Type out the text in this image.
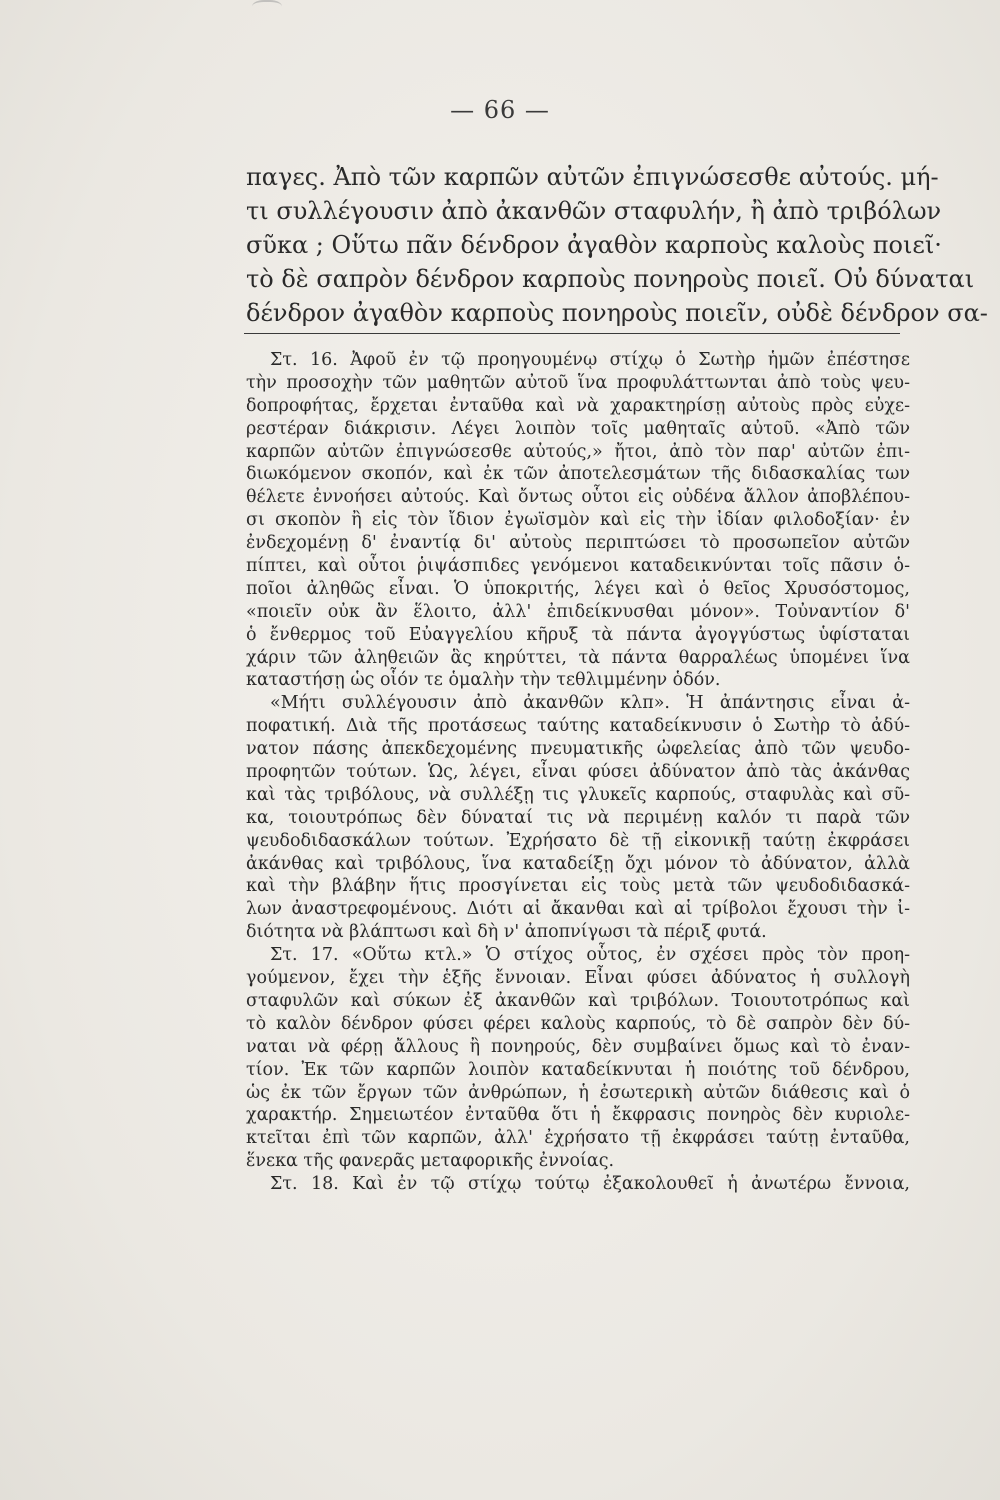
— 66 —
παγες. Ἀπὸ τῶν καρπῶν αὐτῶν ἐπιγνώσεσθε αὐτούς. μή-
τι συλλέγουσιν ἀπὸ ἀκανθῶν σταφυλήν, ἢ ἀπὸ τριβόλων
σῦκα ; Οὕτω πᾶν δένδρον ἀγαθὸν καρποὺς καλοὺς ποιεῖ·
τὸ δὲ σαπρὸν δένδρον καρποὺς πονηροὺς ποιεῖ. Οὐ δύναται
δένδρον ἀγαθὸν καρποὺς πονηροὺς ποιεῖν, οὐδὲ δένδρον σα-
Στ. 16. Ἀφοῦ ἐν τῷ προηγουμένῳ στίχῳ ὁ Σωτὴρ ἡμῶν ἐπέστησε
τὴν προσοχὴν τῶν μαθητῶν αὐτοῦ ἵνα προφυλάττωνται ἀπὸ τοὺς ψευ-
δοπροφήτας, ἔρχεται ἐνταῦθα καὶ νὰ χαρακτηρίσῃ αὐτοὺς πρὸς εὐχε-
ρεστέραν διάκρισιν. Λέγει λοιπὸν τοῖς μαθηταῖς αὐτοῦ. «Ἀπὸ τῶν
καρπῶν αὐτῶν ἐπιγνώσεσθε αὐτούς,» ἤτοι, ἀπὸ τὸν παρ' αὐτῶν ἐπι-
διωκόμενον σκοπόν, καὶ ἐκ τῶν ἀποτελεσμάτων τῆς διδασκαλίας των
θέλετε ἐννοήσει αὐτούς. Καὶ ὄντως οὗτοι εἰς οὐδένα ἄλλον ἀποβλέπου-
σι σκοπὸν ἢ εἰς τὸν ἴδιον ἐγωϊσμὸν καὶ εἰς τὴν ἰδίαν φιλοδοξίαν· ἐν
ἐνδεχομένῃ δ' ἐναντίᾳ δι' αὐτοὺς περιπτώσει τὸ προσωπεῖον αὐτῶν
πίπτει, καὶ οὗτοι ῥιψάσπιδες γενόμενοι καταδεικνύνται τοῖς πᾶσιν ὁ-
ποῖοι ἀληθῶς εἶναι. Ὁ ὑποκριτής, λέγει καὶ ὁ θεῖος Χρυσόστομος,
«ποιεῖν οὐκ ἂν ἕλοιτο, ἀλλ' ἐπιδείκνυσθαι μόνον». Τοὐναντίον δ'
ὁ ἔνθερμος τοῦ Εὐαγγελίου κῆρυξ τὰ πάντα ἀγογγύστως ὑφίσταται
χάριν τῶν ἀληθειῶν ἃς κηρύττει, τὰ πάντα θαρραλέως ὑπομένει ἵνα
καταστήσῃ ὡς οἷόν τε ὁμαλὴν τὴν τεθλιμμένην ὁδόν.
«Μήτι συλλέγουσιν ἀπὸ ἀκανθῶν κλπ». Ἡ ἀπάντησις εἶναι ἀ-
ποφατική. Διὰ τῆς προτάσεως ταύτης καταδείκνυσιν ὁ Σωτὴρ τὸ ἀδύ-
νατον πάσης ἀπεκδεχομένης πνευματικῆς ὠφελείας ἀπὸ τῶν ψευδο-
προφητῶν τούτων. Ὡς, λέγει, εἶναι φύσει ἀδύνατον ἀπὸ τὰς ἀκάνθας
καὶ τὰς τριβόλους, νὰ συλλέξῃ τις γλυκεῖς καρπούς, σταφυλὰς καὶ σῦ-
κα, τοιουτρόπως δὲν δύναταί τις νὰ περιμένῃ καλόν τι παρὰ τῶν
ψευδοδιδασκάλων τούτων. Ἐχρήσατο δὲ τῇ εἰκονικῇ ταύτῃ ἐκφράσει
ἀκάνθας καὶ τριβόλους, ἵνα καταδείξῃ ὄχι μόνον τὸ ἀδύνατον, ἀλλὰ
καὶ τὴν βλάβην ἥτις προσγίνεται εἰς τοὺς μετὰ τῶν ψευδοδιδασκά-
λων ἀναστρεφομένους. Διότι αἱ ἄκανθαι καὶ αἱ τρίβολοι ἔχουσι τὴν ἰ-
διότητα νὰ βλάπτωσι καὶ δὴ ν' ἀποπνίγωσι τὰ πέριξ φυτά.
Στ. 17. «Οὕτω κτλ.» Ὁ στίχος οὗτος, ἐν σχέσει πρὸς τὸν προη-
γούμενον, ἔχει τὴν ἑξῆς ἔννοιαν. Εἶναι φύσει ἀδύνατος ἡ συλλογὴ
σταφυλῶν καὶ σύκων ἐξ ἀκανθῶν καὶ τριβόλων. Τοιουτοτρόπως καὶ
τὸ καλὸν δένδρον φύσει φέρει καλοὺς καρπούς, τὸ δὲ σαπρὸν δὲν δύ-
ναται νὰ φέρῃ ἄλλους ἢ πονηρούς, δὲν συμβαίνει ὅμως καὶ τὸ ἐναν-
τίον. Ἐκ τῶν καρπῶν λοιπὸν καταδείκνυται ἡ ποιότης τοῦ δένδρου,
ὡς ἐκ τῶν ἔργων τῶν ἀνθρώπων, ἡ ἐσωτερικὴ αὐτῶν διάθεσις καὶ ὁ
χαρακτήρ. Σημειωτέον ἐνταῦθα ὅτι ἡ ἔκφρασις πονηρὸς δὲν κυριολε-
κτεῖται ἐπὶ τῶν καρπῶν, ἀλλ' ἐχρήσατο τῇ ἐκφράσει ταύτῃ ἐνταῦθα,
ἕνεκα τῆς φανερᾶς μεταφορικῆς ἐννοίας.
Στ. 18. Καὶ ἐν τῷ στίχῳ τούτῳ ἐξακολουθεῖ ἡ ἀνωτέρω ἔννοια,
